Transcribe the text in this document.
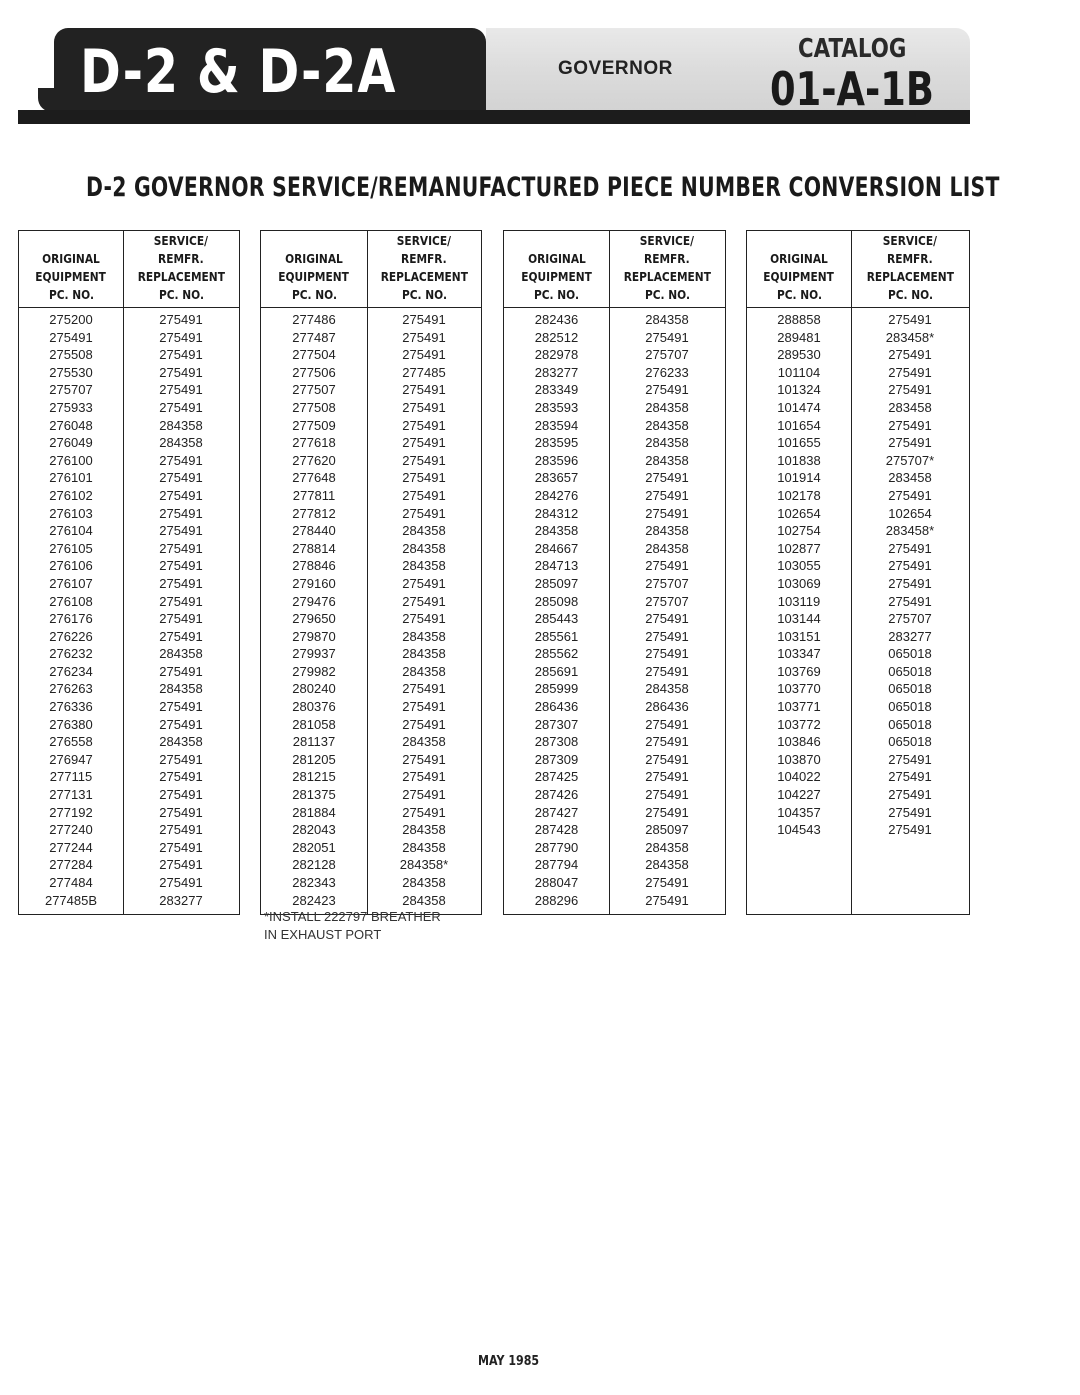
D-2 & D-2A	GOVERNOR
CATALOG
01-A-1B
D-2 GOVERNOR SERVICE/REMANUFACTURED PIECE NUMBER CONVERSION LIST
ORIGINAL
EQUIPMENT
PC. NO.
SERVICE/
REMFR.
REPLACEMENT
PC. NO.
275200
275491
275508
275530
275707
275933
276048
276049
276100
276101
276102
276103
276104
276105
276106
276107
276108
276176
276226
276232
276234
276263
276336
276380
276558
276947
277115
277131
277192
277240
277244
277284
277484
277485B
275491
275491
275491
275491
275491
275491
284358
284358
275491
275491
275491
275491
275491
275491
275491
275491
275491
275491
275491
284358
275491
284358
275491
275491
284358
275491
275491
275491
275491
275491
275491
275491
275491
283277
ORIGINAL
EQUIPMENT
PC. NO.
SERVICE/
REMFR.
REPLACEMENT
PC. NO.
277486
277487
277504
277506
277507
277508
277509
277618
277620
277648
277811
277812
278440
278814
278846
279160
279476
279650
279870
279937
279982
280240
280376
281058
281137
281205
281215
281375
281884
282043
282051
282128
282343
282423
275491
275491
275491
277485
275491
275491
275491
275491
275491
275491
275491
275491
284358
284358
284358
275491
275491
275491
284358
284358
284358
275491
275491
275491
284358
275491
275491
275491
275491
284358
284358
284358*
284358
284358
ORIGINAL
EQUIPMENT
PC. NO.
SERVICE/
REMFR.
REPLACEMENT
PC. NO.
282436
282512
282978
283277
283349
283593
283594
283595
283596
283657
284276
284312
284358
284667
284713
285097
285098
285443
285561
285562
285691
285999
286436
287307
287308
287309
287425
287426
287427
287428
287790
287794
288047
288296
284358
275491
275707
276233
275491
284358
284358
284358
284358
275491
275491
275491
284358
284358
275491
275707
275707
275491
275491
275491
275491
284358
286436
275491
275491
275491
275491
275491
275491
285097
284358
284358
275491
275491
ORIGINAL
EQUIPMENT
PC. NO.
SERVICE/
REMFR.
REPLACEMENT
PC. NO.
288858
289481
289530
101104
101324
101474
101654
101655
101838
101914
102178
102654
102754
102877
103055
103069
103119
103144
103151
103347
103769
103770
103771
103772
103846
103870
104022
104227
104357
104543
275491
283458*
275491
275491
275491
283458
275491
275491
275707*
283458
275491
102654
283458*
275491
275491
275491
275491
275707
283277
065018
065018
065018
065018
065018
065018
275491
275491
275491
275491
275491
*INSTALL 222797 BREATHER
IN EXHAUST PORT
MAY 1985
